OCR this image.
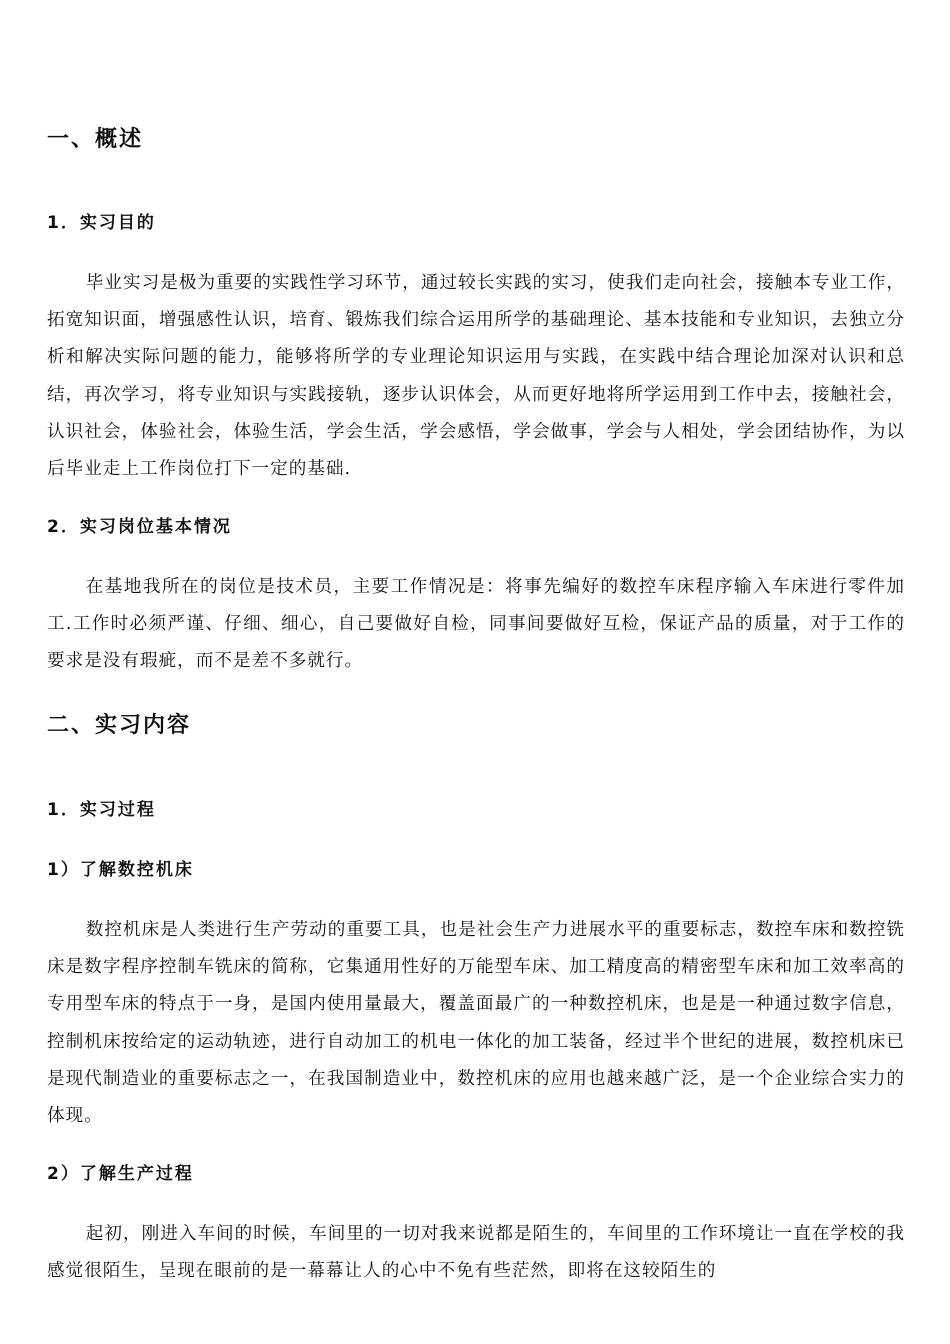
一、概述
1．实习目的

毕业实习是极为重要的实践性学习环节，通过较长实践的实习，使我们走向社会，接触本专业工作，拓宽知识面，增强感性认识，培育、锻炼我们综合运用所学的基础理论、基本技能和专业知识，去独立分析和解决实际问题的能力，能够将所学的专业理论知识运用与实践，在实践中结合理论加深对认识和总结，再次学习，将专业知识与实践接轨，逐步认识体会，从而更好地将所学运用到工作中去，接触社会，认识社会，体验社会，体验生活，学会生活，学会感悟，学会做事，学会与人相处，学会团结协作，为以后毕业走上工作岗位打下一定的基础.

2．实习岗位基本情况

在基地我所在的岗位是技术员，主要工作情况是：将事先编好的数控车床程序输入车床进行零件加工.工作时必须严谨、仔细、细心，自己要做好自检，同事间要做好互检，保证产品的质量，对于工作的要求是没有瑕疵，而不是差不多就行。

二、实习内容
1．实习过程
1）了解数控机床

数控机床是人类进行生产劳动的重要工具，也是社会生产力进展水平的重要标志，数控车床和数控铣床是数字程序控制车铣床的简称，它集通用性好的万能型车床、加工精度高的精密型车床和加工效率高的专用型车床的特点于一身，是国内使用量最大，覆盖面最广的一种数控机床，也是是一种通过数字信息，控制机床按给定的运动轨迹，进行自动加工的机电一体化的加工装备，经过半个世纪的进展，数控机床已是现代制造业的重要标志之一，在我国制造业中，数控机床的应用也越来越广泛，是一个企业综合实力的体现。

2）了解生产过程

起初，刚进入车间的时候，车间里的一切对我来说都是陌生的，车间里的工作环境让一直在学校的我感觉很陌生，呈现在眼前的是一幕幕让人的心中不免有些茫然，即将在这较陌生的
